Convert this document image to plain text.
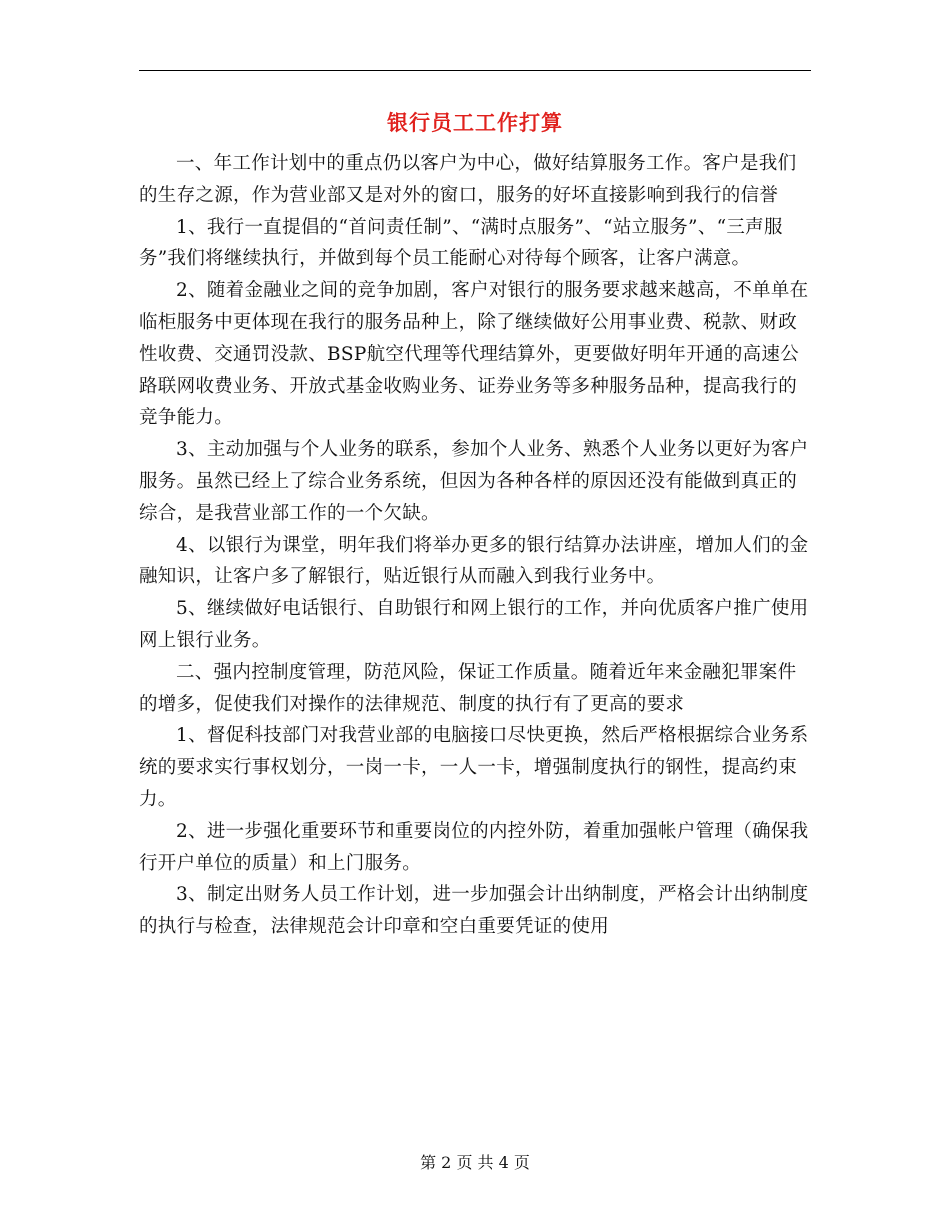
银行员工工作打算

一、年工作计划中的重点仍以客户为中心，做好结算服务工作。客户是我们的生存之源，作为营业部又是对外的窗口，服务的好坏直接影响到我行的信誉

1、我行一直提倡的“首问责任制”、“满时点服务”、“站立服务”、“三声服务”我们将继续执行，并做到每个员工能耐心对待每个顾客，让客户满意。

2、随着金融业之间的竞争加剧，客户对银行的服务要求越来越高，不单单在临柜服务中更体现在我行的服务品种上，除了继续做好公用事业费、税款、财政性收费、交通罚没款、BSP航空代理等代理结算外，更要做好明年开通的高速公路联网收费业务、开放式基金收购业务、证券业务等多种服务品种，提高我行的竞争能力。

3、主动加强与个人业务的联系，参加个人业务、熟悉个人业务以更好为客户服务。虽然已经上了综合业务系统，但因为各种各样的原因还没有能做到真正的综合，是我营业部工作的一个欠缺。

4、以银行为课堂，明年我们将举办更多的银行结算办法讲座，增加人们的金融知识，让客户多了解银行，贴近银行从而融入到我行业务中。

5、继续做好电话银行、自助银行和网上银行的工作，并向优质客户推广使用网上银行业务。

二、强内控制度管理，防范风险，保证工作质量。随着近年来金融犯罪案件的增多，促使我们对操作的法律规范、制度的执行有了更高的要求

1、督促科技部门对我营业部的电脑接口尽快更换，然后严格根据综合业务系统的要求实行事权划分，一岗一卡，一人一卡，增强制度执行的钢性，提高约束力。

2、进一步强化重要环节和重要岗位的内控外防，着重加强帐户管理（确保我行开户单位的质量）和上门服务。

3、制定出财务人员工作计划，进一步加强会计出纳制度，严格会计出纳制度的执行与检查，法律规范会计印章和空白重要凭证的使用

第 2 页 共 4 页
